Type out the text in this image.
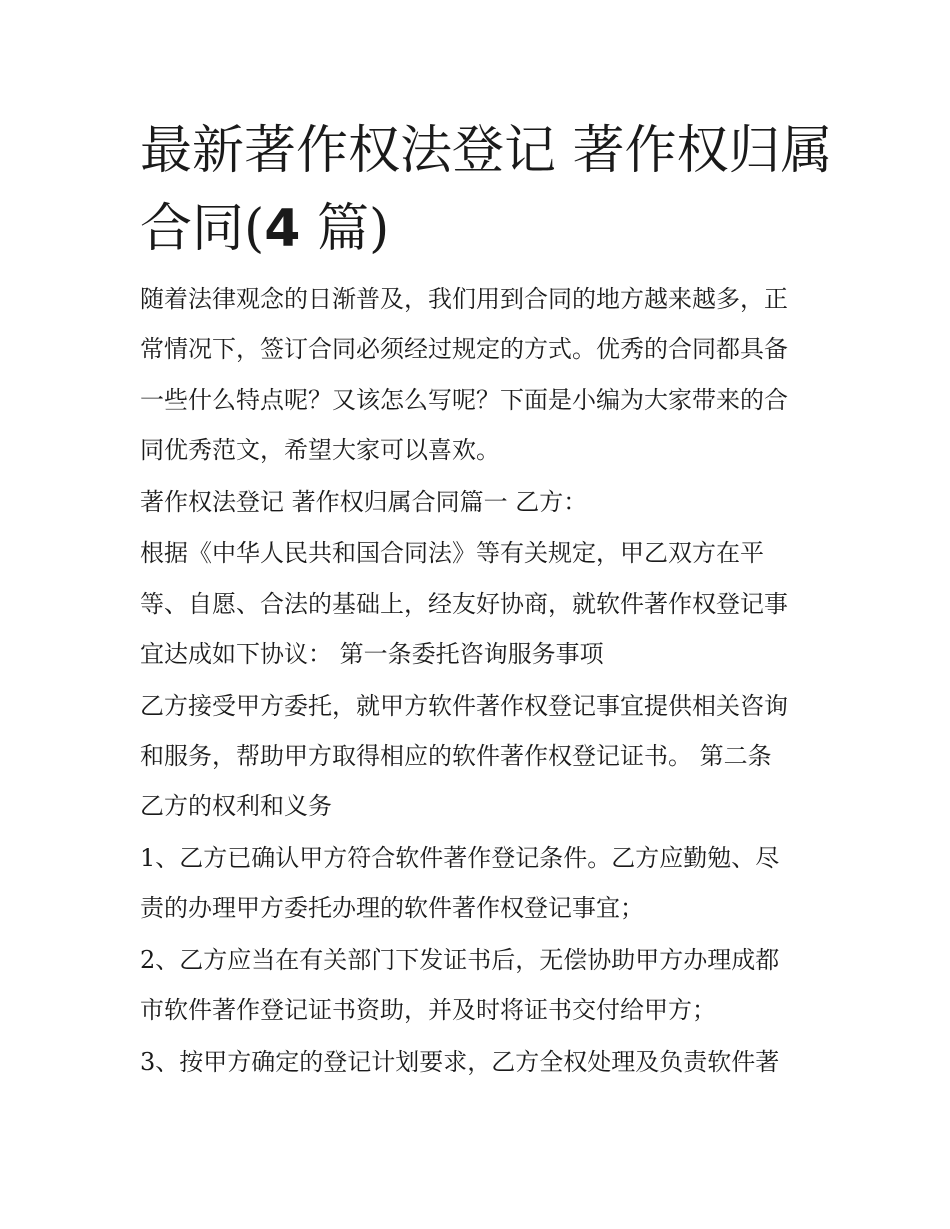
最新著作权法登记 著作权归属
合同(4 篇)

随着法律观念的日渐普及，我们用到合同的地方越来越多，正

常情况下，签订合同必须经过规定的方式。优秀的合同都具备

一些什么特点呢？又该怎么写呢？下面是小编为大家带来的合

同优秀范文，希望大家可以喜欢。

著作权法登记 著作权归属合同篇一 乙方：

根据《中华人民共和国合同法》等有关规定，甲乙双方在平

等、自愿、合法的基础上，经友好协商，就软件著作权登记事

宜达成如下协议： 第一条委托咨询服务事项

乙方接受甲方委托，就甲方软件著作权登记事宜提供相关咨询

和服务，帮助甲方取得相应的软件著作权登记证书。 第二条

乙方的权利和义务

1、乙方已确认甲方符合软件著作登记条件。乙方应勤勉、尽

责的办理甲方委托办理的软件著作权登记事宜；

2、乙方应当在有关部门下发证书后，无偿协助甲方办理成都

市软件著作登记证书资助，并及时将证书交付给甲方；

3、按甲方确定的登记计划要求，乙方全权处理及负责软件著
